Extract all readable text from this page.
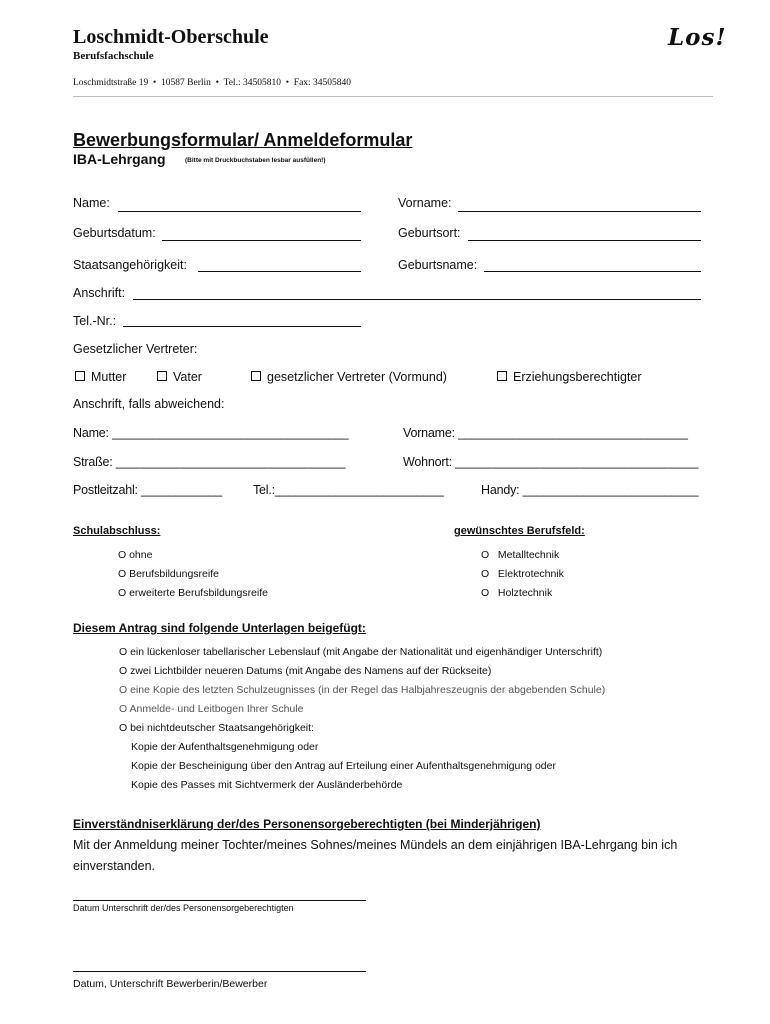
Loschmidt-Oberschule
Berufsfachschule
Los!
Loschmidtstraße 19 • 10587 Berlin • Tel.: 34505810 • Fax: 34505840
Bewerbungsformular/ Anmeldeformular
IBA-Lehrgang	(Bitte mit Druckbuchstaben lesbar ausfüllen!)
Name:	Vorname:
Geburtsdatum:	Geburtsort:
Staatsangehörigkeit:	Geburtsname:
Anschrift:
Tel.-Nr.:
Gesetzlicher Vertreter:
Mutter	Vater	gesetzlicher Vertreter (Vormund)	Erziehungsberechtigter
Anschrift, falls abweichend:
Name: ___________________________________	Vorname: __________________________________
Straße: __________________________________	Wohnort: ____________________________________
Postleitzahl: ____________ Tel.:_________________________	Handy: __________________________
Schulabschluss:
O ohne
O Berufsbildungsreife
O erweiterte Berufsbildungsreife
gewünschtes Berufsfeld:
O   Metalltechnik
O   Elektrotechnik
O   Holztechnik
Diesem Antrag sind folgende Unterlagen beigefügt:
O ein lückenloser tabellarischer Lebenslauf (mit Angabe der Nationalität und eigenhändiger Unterschrift)
O zwei Lichtbilder neueren Datums (mit Angabe des Namens auf der Rückseite)
O eine Kopie des letzten Schulzeugnisses (in der Regel das Halbjahreszeugnis der abgebenden Schule)
O Anmelde- und Leitbogen Ihrer Schule
O bei nichtdeutscher Staatsangehörigkeit:
Kopie der Aufenthaltsgenehmigung oder
Kopie der Bescheinigung über den Antrag auf Erteilung einer Aufenthaltsgenehmigung oder
Kopie des Passes mit Sichtvermerk der Ausländerbehörde
Einverständniserklärung der/des Personensorgeberechtigten (bei Minderjährigen)
Mit der Anmeldung meiner Tochter/meines Sohnes/meines Mündels an dem einjährigen IBA-Lehrgang bin ich
einverstanden.
Datum Unterschrift der/des Personensorgeberechtigten
Datum, Unterschrift Bewerberin/Bewerber
